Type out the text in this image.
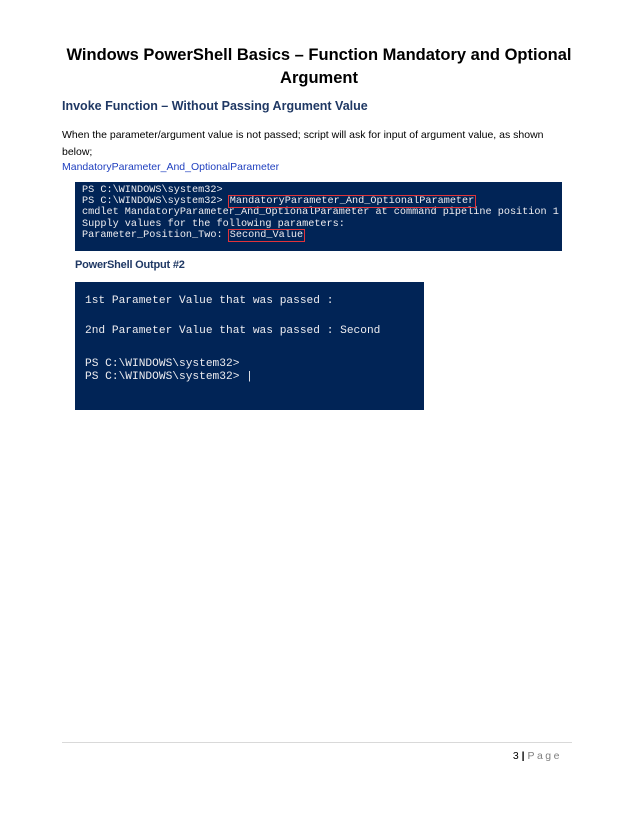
Windows PowerShell Basics – Function Mandatory and Optional Argument
Invoke Function – Without Passing Argument Value
When the parameter/argument value is not passed; script will ask for input of argument value, as shown below;
MandatoryParameter_And_OptionalParameter
PS C:\WINDOWS\system32>
PS C:\WINDOWS\system32> MandatoryParameter_And_OptionalParameter
cmdlet MandatoryParameter_And_OptionalParameter at command pipeline position 1
Supply values for the following parameters:
Parameter_Position_Two: Second_Value
PowerShell Output #2
1st Parameter Value that was passed :
2nd Parameter Value that was passed : Second
PS C:\WINDOWS\system32>
PS C:\WINDOWS\system32> |
3 | Page
